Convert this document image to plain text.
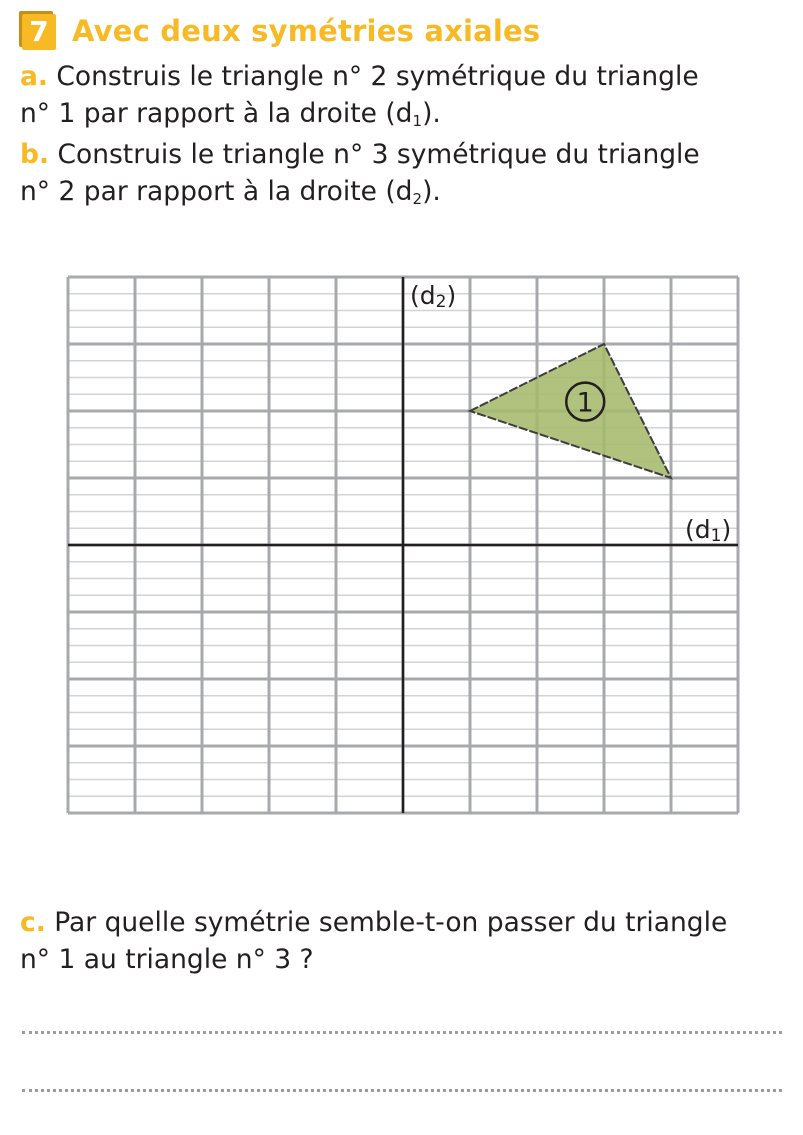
7 Avec deux symétries axiales
a. Construis le triangle n° 2 symétrique du triangle
n° 1 par rapport à la droite $(d_1)$.
b. Construis le triangle n° 3 symétrique du triangle
n° 2 par rapport à la droite $(d_2)$.
1
(d2)
(d1)
c. Par quelle symétrie semble-t-on passer du triangle
n° 1 au triangle n° 3 ?
